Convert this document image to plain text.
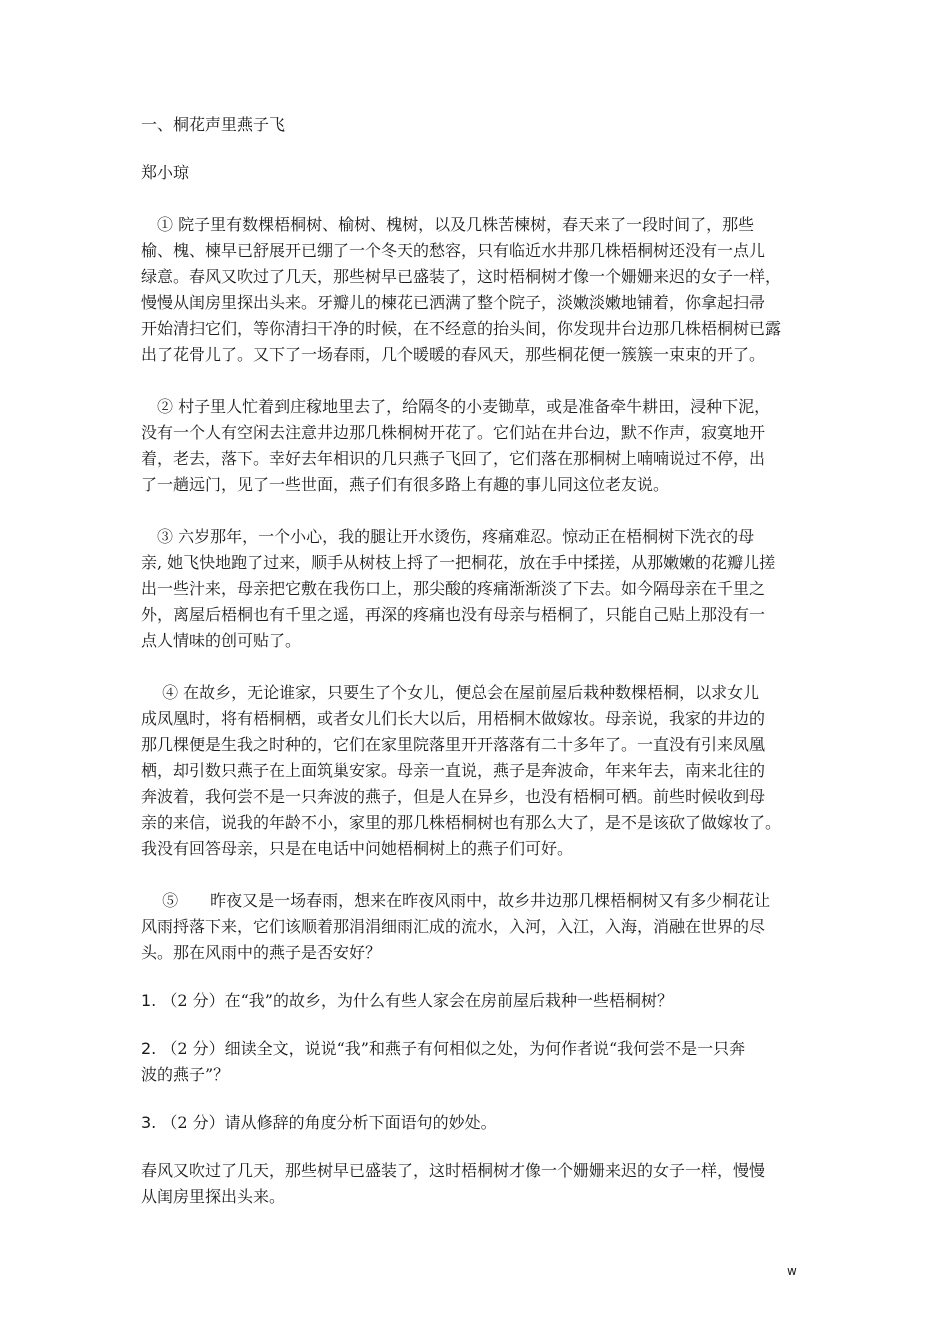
一、桐花声里燕子飞
郑小琼
　① 院子里有数棵梧桐树、榆树、槐树，以及几株苦楝树，春天来了一段时间了，那些
榆、槐、楝早已舒展开已绷了一个冬天的愁容，只有临近水井那几株梧桐树还没有一点儿
绿意。春风又吹过了几天，那些树早已盛装了，这时梧桐树才像一个姗姗来迟的女子一样，
慢慢从闺房里探出头来。牙瓣儿的楝花已洒满了整个院子，淡嫩淡嫩地铺着，你拿起扫帚
开始清扫它们，等你清扫干净的时候，在不经意的抬头间，你发现井台边那几株梧桐树已露
出了花骨儿了。又下了一场春雨，几个暖暖的春风天，那些桐花便一簇簇一束束的开了。
　② 村子里人忙着到庄稼地里去了，给隔冬的小麦锄草，或是准备牵牛耕田，浸种下泥，
没有一个人有空闲去注意井边那几株桐树开花了。它们站在井台边，默不作声，寂寞地开
着，老去，落下。幸好去年相识的几只燕子飞回了，它们落在那桐树上喃喃说过不停，出
了一趟远门，见了一些世面，燕子们有很多路上有趣的事儿同这位老友说。
　③ 六岁那年，一个小心，我的腿让开水烫伤，疼痛难忍。惊动正在梧桐树下洗衣的母
亲, 她飞快地跑了过来，顺手从树枝上捋了一把桐花，放在手中揉搓，从那嫩嫩的花瓣儿搓
出一些汁来，母亲把它敷在我伤口上，那尖酸的疼痛渐渐淡了下去。如今隔母亲在千里之
外，离屋后梧桐也有千里之遥，再深的疼痛也没有母亲与梧桐了，只能自己贴上那没有一
点人情味的创可贴了。
　 ④ 在故乡，无论谁家，只要生了个女儿，便总会在屋前屋后栽种数棵梧桐，以求女儿
成凤凰时，将有梧桐栖，或者女儿们长大以后，用梧桐木做嫁妆。母亲说，我家的井边的
那几棵便是生我之时种的，它们在家里院落里开开落落有二十多年了。一直没有引来凤凰
栖，却引数只燕子在上面筑巢安家。母亲一直说，燕子是奔波命，年来年去，南来北往的
奔波着，我何尝不是一只奔波的燕子，但是人在异乡，也没有梧桐可栖。前些时候收到母
亲的来信，说我的年龄不小，家里的那几株梧桐树也有那么大了，是不是该砍了做嫁妆了。
我没有回答母亲，只是在电话中问她梧桐树上的燕子们可好。
　 ⑤　　昨夜又是一场春雨，想来在昨夜风雨中，故乡井边那几棵梧桐树又有多少桐花让
风雨捋落下来，它们该顺着那涓涓细雨汇成的流水，入河，入江，入海，消融在世界的尽
头。那在风雨中的燕子是否安好？
1. （2 分）在“我”的故乡，为什么有些人家会在房前屋后栽种一些梧桐树？
2. （2 分）细读全文，说说“我”和燕子有何相似之处，为何作者说“我何尝不是一只奔
波的燕子”？
3. （2 分）请从修辞的角度分析下面语句的妙处。
春风又吹过了几天，那些树早已盛装了，这时梧桐树才像一个姗姗来迟的女子一样，慢慢
从闺房里探出头来。
w
